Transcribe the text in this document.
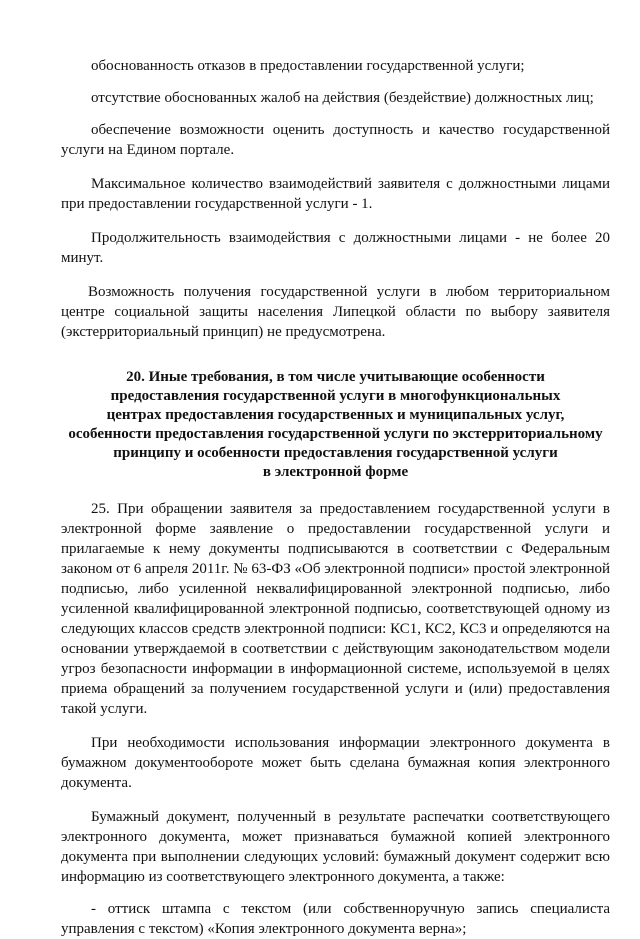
обоснованность отказов в предоставлении государственной услуги;

отсутствие обоснованных жалоб на действия (бездействие) должностных лиц;

обеспечение возможности оценить доступность и качество государственной услуги на Едином портале.

Максимальное количество взаимодействий заявителя с должностными лицами при предоставлении государственной услуги - 1.

Продолжительность взаимодействия с должностными лицами - не более 20 минут.

Возможность получения государственной услуги в любом территориальном центре социальной защиты населения Липецкой области по выбору заявителя (экстерриториальный принцип) не предусмотрена.

20. Иные требования, в том числе учитывающие особенности
предоставления государственной услуги в многофункциональных
центрах предоставления государственных и муниципальных услуг,
особенности предоставления государственной услуги по экстерриториальному
принципу и особенности предоставления государственной услуги
в электронной форме

25. При обращении заявителя за предоставлением государственной услуги в электронной форме заявление о предоставлении государственной услуги и прилагаемые к нему документы подписываются в соответствии с Федеральным законом от 6 апреля 2011г. № 63-ФЗ «Об электронной подписи» простой электронной подписью, либо усиленной неквалифицированной электронной подписью, либо усиленной квалифицированной электронной подписью, соответствующей одному из следующих классов средств электронной подписи: КС1, КС2, КС3 и определяются на основании утверждаемой в соответствии с действующим законодательством модели угроз безопасности информации в информационной системе, используемой в целях приема обращений за получением государственной услуги и (или) предоставления такой услуги.

При необходимости использования информации электронного документа в бумажном документообороте может быть сделана бумажная копия электронного документа.

Бумажный документ, полученный в результате распечатки соответствующего электронного документа, может признаваться бумажной копией электронного документа при выполнении следующих условий: бумажный документ содержит всю информацию из соответствующего электронного документа, а также:

- оттиск штампа с текстом (или собственноручную запись специалиста управления с текстом) «Копия электронного документа верна»;
